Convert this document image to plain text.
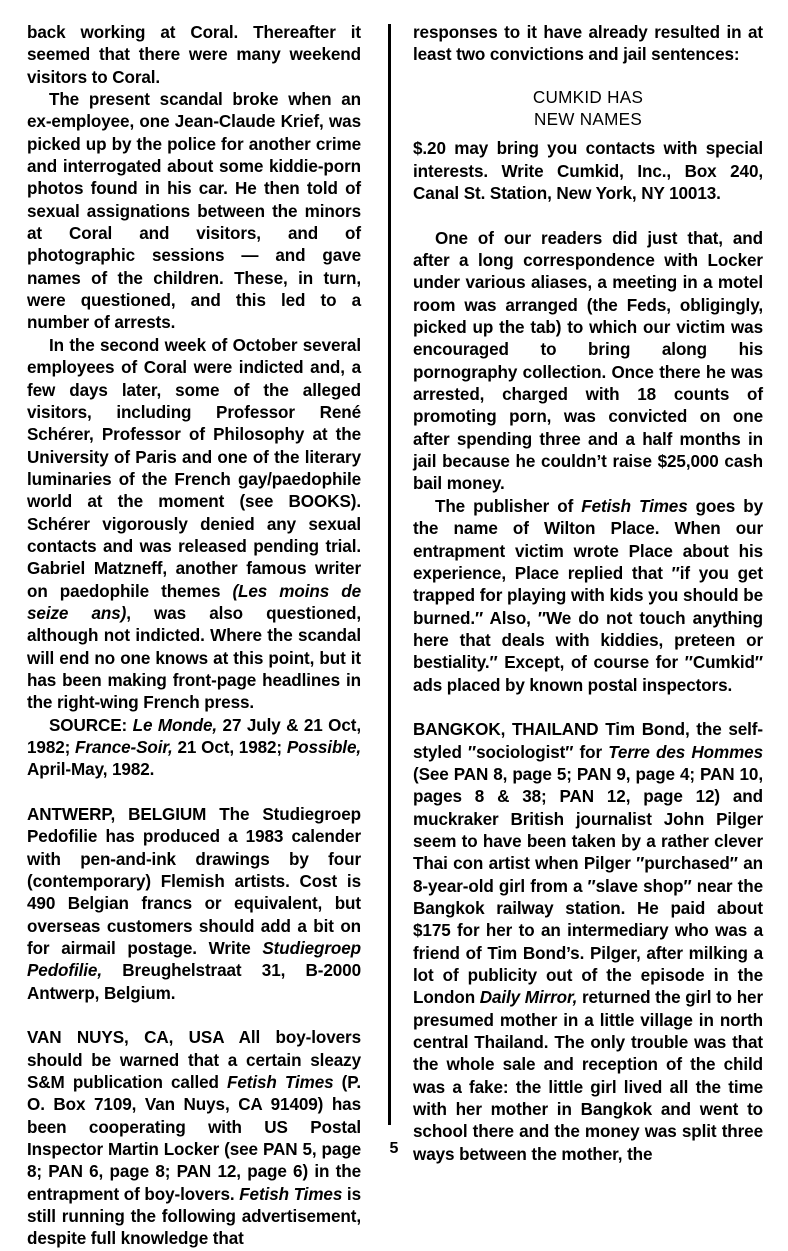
back working at Coral. Thereafter it seemed that there were many weekend visitors to Coral.

The present scandal broke when an ex-employee, one Jean-Claude Krief, was picked up by the police for another crime and interrogated about some kiddie-porn photos found in his car. He then told of sexual assignations between the minors at Coral and visitors, and of photographic sessions — and gave names of the children. These, in turn, were questioned, and this led to a number of arrests.

In the second week of October several employees of Coral were indicted and, a few days later, some of the alleged visitors, including Professor René Schérer, Professor of Philosophy at the University of Paris and one of the literary luminaries of the French gay/paedophile world at the moment (see BOOKS). Schérer vigorously denied any sexual contacts and was released pending trial. Gabriel Matzneff, another famous writer on paedophile themes (Les moins de seize ans), was also questioned, although not indicted. Where the scandal will end no one knows at this point, but it has been making front-page headlines in the right-wing French press.

SOURCE: Le Monde, 27 July & 21 Oct, 1982; France-Soir, 21 Oct, 1982; Possible, April-May, 1982.

ANTWERP, BELGIUM The Studiegroep Pedofilie has produced a 1983 calender with pen-and-ink drawings by four (contemporary) Flemish artists. Cost is 490 Belgian francs or equivalent, but overseas customers should add a bit on for airmail postage. Write Studiegroep Pedofilie, Breughelstraat 31, B-2000 Antwerp, Belgium.

VAN NUYS, CA, USA All boy-lovers should be warned that a certain sleazy S&M publication called Fetish Times (P. O. Box 7109, Van Nuys, CA 91409) has been cooperating with US Postal Inspector Martin Locker (see PAN 5, page 8; PAN 6, page 8; PAN 12, page 6) in the entrapment of boy-lovers. Fetish Times is still running the following advertisement, despite full knowledge that

responses to it have already resulted in at least two convictions and jail sentences:

CUMKID HAS

NEW NAMES

$.20 may bring you contacts with special interests. Write Cumkid, Inc., Box 240, Canal St. Station, New York, NY 10013.

One of our readers did just that, and after a long correspondence with Locker under various aliases, a meeting in a motel room was arranged (the Feds, obligingly, picked up the tab) to which our victim was encouraged to bring along his pornography collection. Once there he was arrested, charged with 18 counts of promoting porn, was convicted on one after spending three and a half months in jail because he couldn’t raise $25,000 cash bail money.

The publisher of Fetish Times goes by the name of Wilton Place. When our entrapment victim wrote Place about his experience, Place replied that ″if you get trapped for playing with kids you should be burned.″ Also, ″We do not touch anything here that deals with kiddies, preteen or bestiality.″ Except, of course for ″Cumkid″ ads placed by known postal inspectors.

BANGKOK, THAILAND Tim Bond, the self-styled ″sociologist″ for Terre des Hommes (See PAN 8, page 5; PAN 9, page 4; PAN 10, pages 8 & 38; PAN 12, page 12) and muckraker British journalist John Pilger seem to have been taken by a rather clever Thai con artist when Pilger ″purchased″ an 8-year-old girl from a ″slave shop″ near the Bangkok railway station. He paid about $175 for her to an intermediary who was a friend of Tim Bond’s. Pilger, after milking a lot of publicity out of the episode in the London Daily Mirror, returned the girl to her presumed mother in a little village in north central Thailand. The only trouble was that the whole sale and reception of the child was a fake: the little girl lived all the time with her mother in Bangkok and went to school there and the money was split three ways between the mother, the

5
